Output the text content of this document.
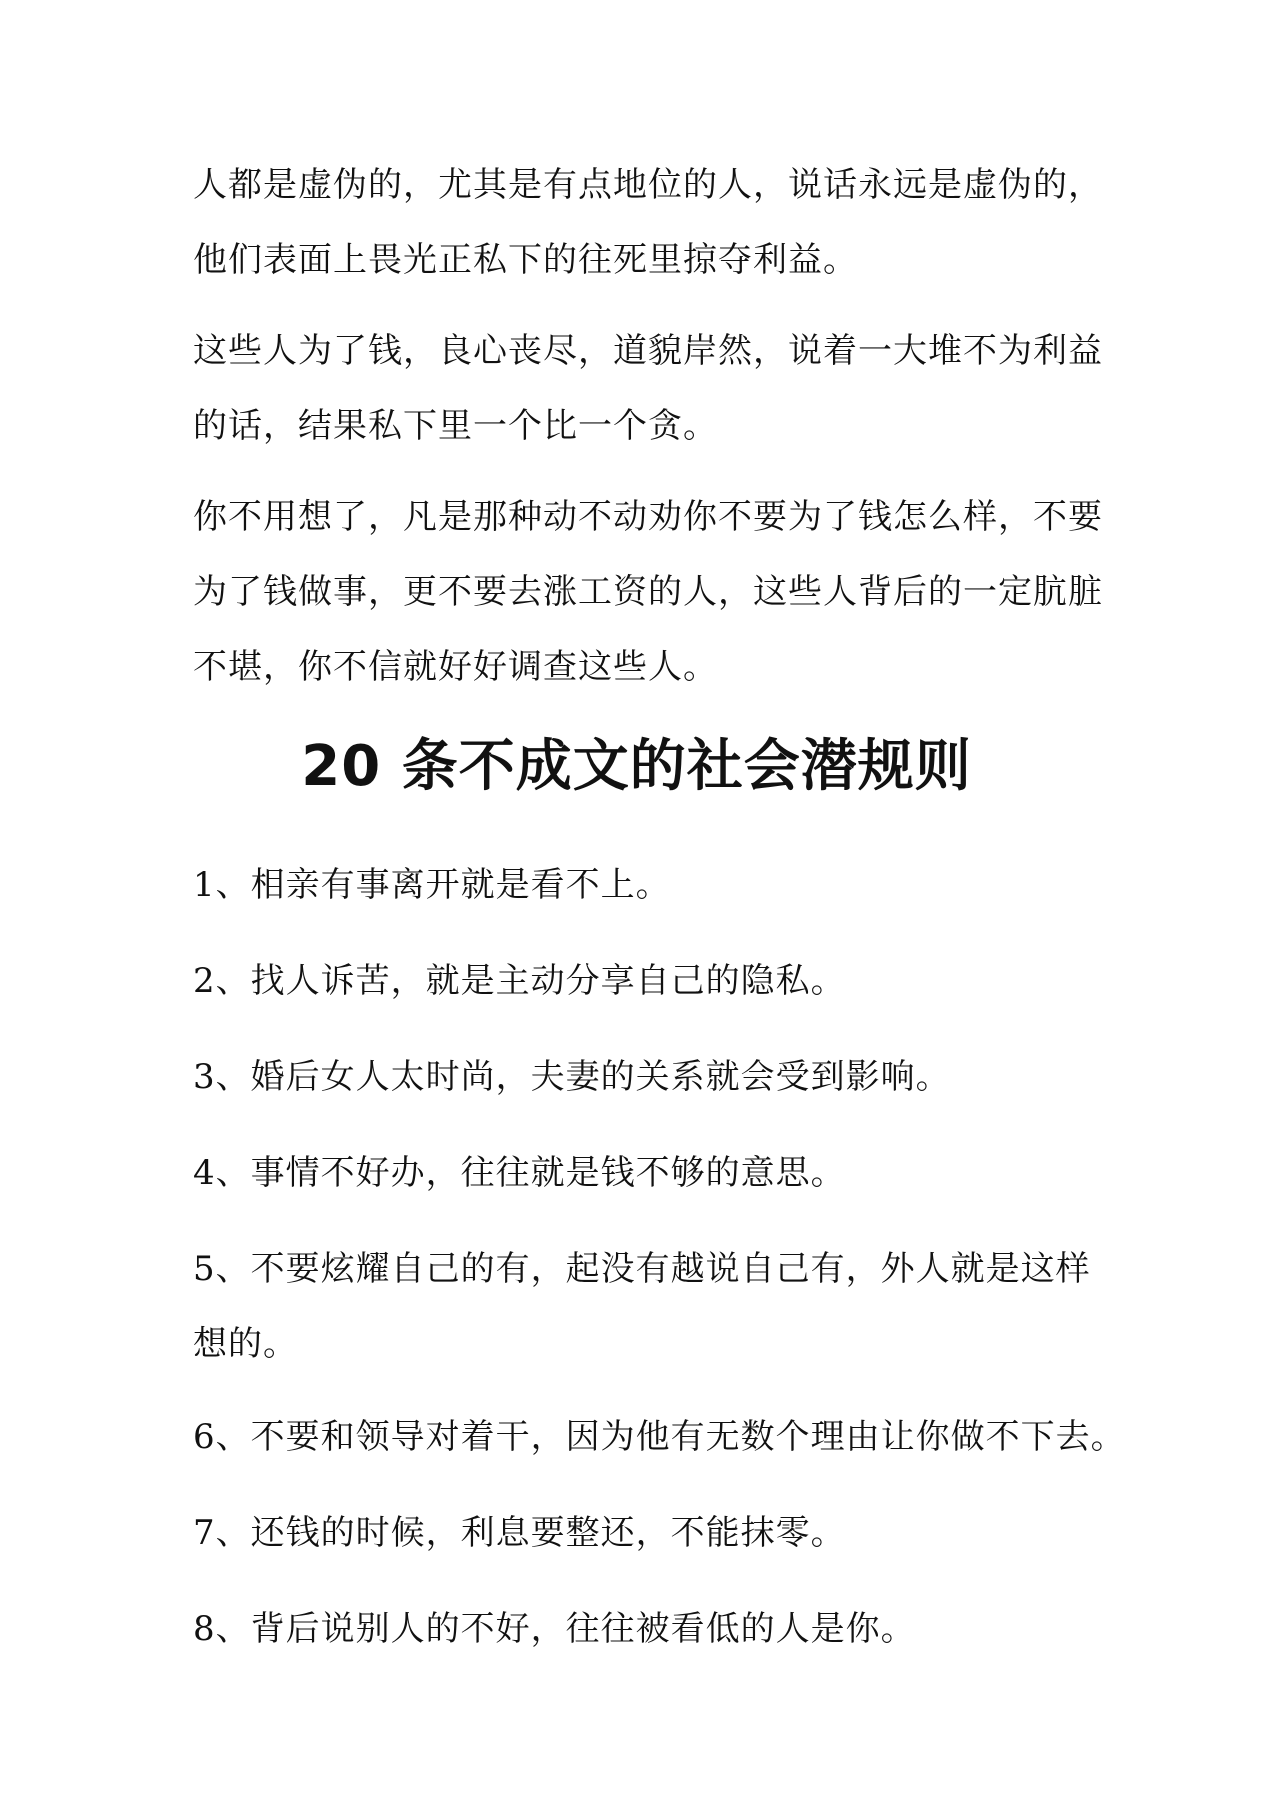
人都是虚伪的，尤其是有点地位的人，说话永远是虚伪的，
他们表面上畏光正私下的往死里掠夺利益。

这些人为了钱，良心丧尽，道貌岸然，说着一大堆不为利益
的话，结果私下里一个比一个贪。

你不用想了，凡是那种动不动劝你不要为了钱怎么样，不要
为了钱做事，更不要去涨工资的人，这些人背后的一定肮脏
不堪，你不信就好好调查这些人。

20 条不成文的社会潜规则

1、相亲有事离开就是看不上。

2、找人诉苦，就是主动分享自己的隐私。

3、婚后女人太时尚，夫妻的关系就会受到影响。

4、事情不好办，往往就是钱不够的意思。

5、不要炫耀自己的有，起没有越说自己有，外人就是这样
想的。

6、不要和领导对着干，因为他有无数个理由让你做不下去。

7、还钱的时候，利息要整还，不能抹零。

8、背后说别人的不好，往往被看低的人是你。
